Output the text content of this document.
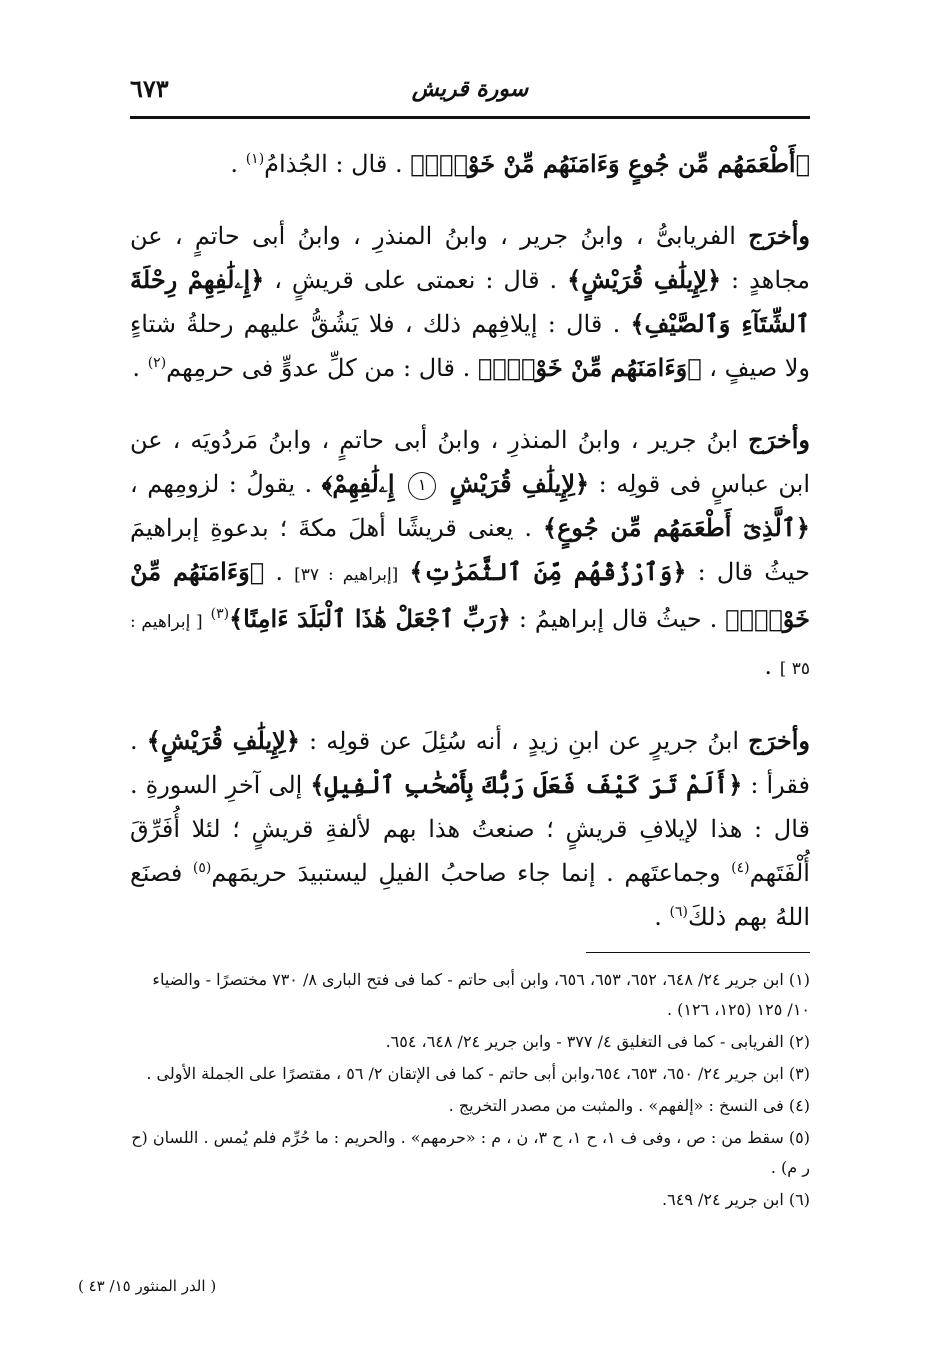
سورة قريش
٦٧٣

﴿أَطْعَمَهُم مِّن جُوعٍ وَءَامَنَهُم مِّنْ خَوْفٍۭ﴾ . قال : الجُذامُ$^{(١)}$ .

وأخرَج الفريابىُّ ، وابنُ جرير ، وابنُ المنذرِ ، وابنُ أبى حاتمٍ ، عن مجاهدٍ : ﴿لِإِيلَٰفِ قُرَيْشٍ﴾ . قال : نعمتى على قريشٍ ، ﴿إِۦلَٰفِهِمْ رِحْلَةَ ٱلشِّتَآءِ وَٱلصَّيْفِ﴾ . قال : إيلافِهم ذلك ، فلا يَشُقُّ عليهم رحلةُ شتاءٍ ولا صيفٍ ، ﴿وَءَامَنَهُم مِّنْ خَوْفٍۭ﴾ . قال : من كلِّ عدوٍّ فى حرمِهم$^{(٢)}$ .

وأخرَج ابنُ جرير ، وابنُ المنذرِ ، وابنُ أبى حاتمٍ ، وابنُ مَردُويَه ، عن ابن عباسٍ فى قولِه : ﴿لِإِيلَٰفِ قُرَيْشٍ ١ إِۦلَٰفِهِمْ﴾ . يقولُ : لزومِهم ، ﴿ٱلَّذِىٓ أَطْعَمَهُم مِّن جُوعٍ﴾ . يعنى قريشًا أهلَ مكةَ ؛ بدعوةِ إبراهيمَ حيثُ قال : ﴿وَٱرْزُقْهُم مِّنَ ٱلثَّمَرَٰتِ﴾ [إبراهيم : ٣٧] . ﴿وَءَامَنَهُم مِّنْ خَوْفٍۭ﴾ . حيثُ قال إبراهيمُ : ﴿رَبِّ ٱجْعَلْ هَٰذَا ٱلْبَلَدَ ءَامِنًا﴾$^{(٣)}$ [ إبراهيم : ٣٥ ] .

وأخرَج ابنُ جريرٍ عن ابنِ زيدٍ ، أنه سُئِلَ عن قولِه : ﴿لِإِيلَٰفِ قُرَيْشٍ﴾ . فقرأ : ﴿أَلَمْ تَرَ كَيْفَ فَعَلَ رَبُّكَ بِأَصْحَٰبِ ٱلْفِيلِ﴾ إلى آخرِ السورةِ . قال : هذا لإيلافِ قريشٍ ؛ صنعتُ هذا بهم لألفةِ قريشٍ ؛ لئلا أُفَرِّقَ أُلْفَتَهم$^{(٤)}$ وجماعتَهم . إنما جاء صاحبُ الفيلِ ليستبيدَ حريمَهم$^{(٥)}$ فصنَع اللهُ بهم ذلكَ$^{(٦)}$ .

(١) ابن جرير ٢٤/ ٦٤٨، ٦٥٢، ٦٥٣، ٦٥٦، وابن أبى حاتم - كما فى فتح البارى ٨/ ٧٣٠ مختصرًا - والضياء ١٠/ ١٢٥ (١٢٥، ١٢٦) .
(٢) الفريابى - كما فى التغليق ٤/ ٣٧٧ - وابن جرير ٢٤/ ٦٤٨، ٦٥٤.
(٣) ابن جرير ٢٤/ ٦٥٠، ٦٥٣، ٦٥٤،وابن أبى حاتم - كما فى الإتقان ٢/ ٥٦ ، مقتصرًا على الجملة الأولى .
(٤) فى النسخ : «إلفهم» . والمثبت من مصدر التخريج .
(٥) سقط من : ص ، وفى ف ١، ح ١، ح ٣، ن ، م : «حرمهم» . والحريم : ما حُرِّم فلم يُمس . اللسان (ح ر م) .
(٦) ابن جرير ٢٤/ ٦٤٩.
( الدر المنثور ١٥/ ٤٣ )
